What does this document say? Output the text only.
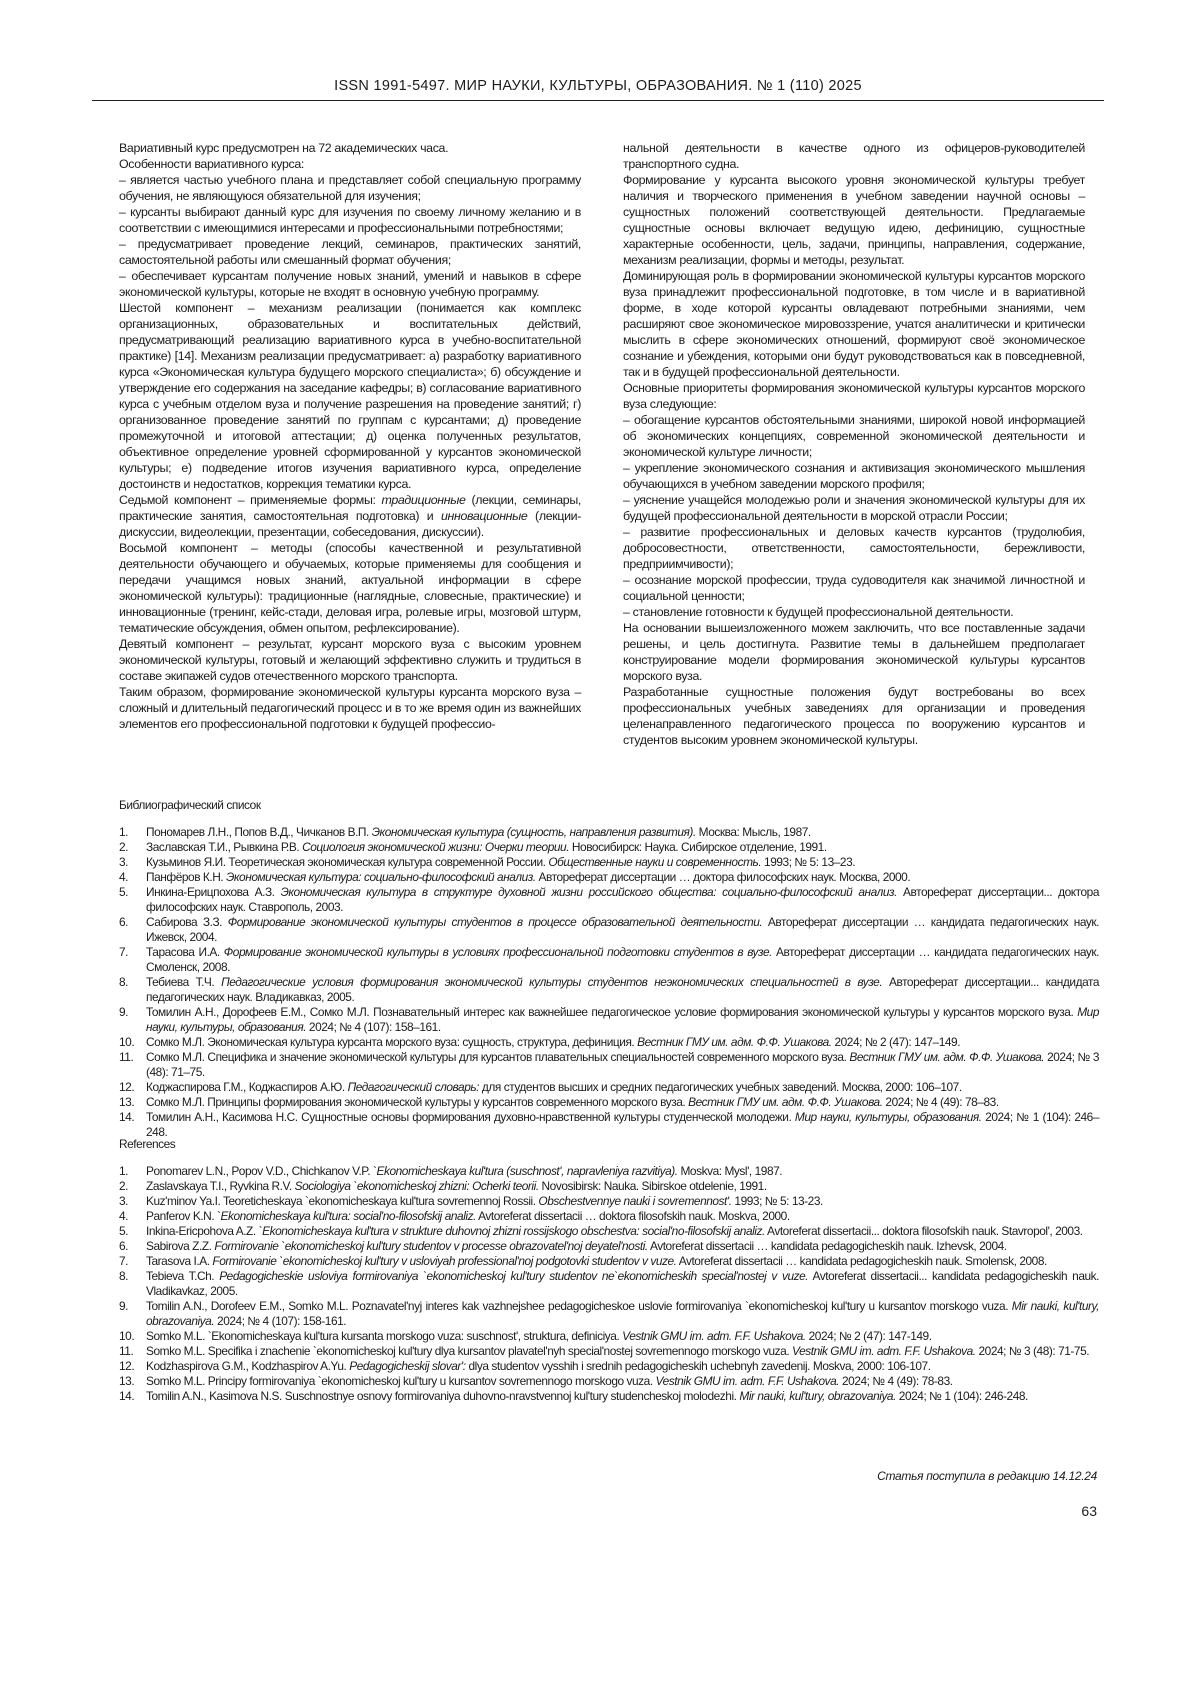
ISSN 1991-5497. МИР НАУКИ, КУЛЬТУРЫ, ОБРАЗОВАНИЯ. № 1 (110) 2025

Вариативный курс предусмотрен на 72 академических часа.

Особенности вариативного курса:

– является частью учебного плана и представляет собой специальную программу обучения, не являющуюся обязательной для изучения;

– курсанты выбирают данный курс для изучения по своему личному желанию и в соответствии с имеющимися интересами и профессиональными потребностями;

– предусматривает проведение лекций, семинаров, практических занятий, самостоятельной работы или смешанный формат обучения;

– обеспечивает курсантам получение новых знаний, умений и навыков в сфере экономической культуры, которые не входят в основную учебную программу.

Шестой компонент – механизм реализации (понимается как комплекс организационных, образовательных и воспитательных действий, предусматривающий реализацию вариативного курса в учебно-воспитательной практике) [14]. Механизм реализации предусматривает: а) разработку вариативного курса «Экономическая культура будущего морского специалиста»; б) обсуждение и утверждение его содержания на заседание кафедры; в) согласование вариативного курса с учебным отделом вуза и получение разрешения на проведение занятий; г) организованное проведение занятий по группам с курсантами; д) проведение промежуточной и итоговой аттестации; д) оценка полученных результатов, объективное определение уровней сформированной у курсантов экономической культуры; е) подведение итогов изучения вариативного курса, определение достоинств и недостатков, коррекция тематики курса.

Седьмой компонент – применяемые формы: традиционные (лекции, семинары, практические занятия, самостоятельная подготовка) и инновационные (лекции-дискуссии, видеолекции, презентации, собеседования, дискуссии).

Восьмой компонент – методы (способы качественной и результативной деятельности обучающего и обучаемых, которые применяемы для сообщения и передачи учащимся новых знаний, актуальной информации в сфере экономической культуры): традиционные (наглядные, словесные, практические) и инновационные (тренинг, кейс-стади, деловая игра, ролевые игры, мозговой штурм, тематические обсуждения, обмен опытом, рефлексирование).

Девятый компонент – результат, курсант морского вуза с высоким уровнем экономической культуры, готовый и желающий эффективно служить и трудиться в составе экипажей судов отечественного морского транспорта.

Таким образом, формирование экономической культуры курсанта морского вуза – сложный и длительный педагогический процесс и в то же время один из важнейших элементов его профессиональной подготовки к будущей профессио-

нальной деятельности в качестве одного из офицеров-руководителей транспортного судна.

Формирование у курсанта высокого уровня экономической культуры требует наличия и творческого применения в учебном заведении научной основы – сущностных положений соответствующей деятельности. Предлагаемые сущностные основы включает ведущую идею, дефиницию, сущностные характерные особенности, цель, задачи, принципы, направления, содержание, механизм реализации, формы и методы, результат.

Доминирующая роль в формировании экономической культуры курсантов морского вуза принадлежит профессиональной подготовке, в том числе и в вариативной форме, в ходе которой курсанты овладевают потребными знаниями, чем расширяют свое экономическое мировоззрение, учатся аналитически и критически мыслить в сфере экономических отношений, формируют своё экономическое сознание и убеждения, которыми они будут руководствоваться как в повседневной, так и в будущей профессиональной деятельности.

Основные приоритеты формирования экономической культуры курсантов морского вуза следующие:

– обогащение курсантов обстоятельными знаниями, широкой новой информацией об экономических концепциях, современной экономической деятельности и экономической культуре личности;

– укрепление экономического сознания и активизация экономического мышления обучающихся в учебном заведении морского профиля;

– уяснение учащейся молодежью роли и значения экономической культуры для их будущей профессиональной деятельности в морской отрасли России;

– развитие профессиональных и деловых качеств курсантов (трудолюбия, добросовестности, ответственности, самостоятельности, бережливости, предприимчивости);

– осознание морской профессии, труда судоводителя как значимой личностной и социальной ценности;

– становление готовности к будущей профессиональной деятельности.

На основании вышеизложенного можем заключить, что все поставленные задачи решены, и цель достигнута. Развитие темы в дальнейшем предполагает конструирование модели формирования экономической культуры курсантов морского вуза.

Разработанные сущностные положения будут востребованы во всех профессиональных учебных заведениях для организации и проведения целенаправленного педагогического процесса по вооружению курсантов и студентов высоким уровнем экономической культуры.

Библиографический список
1.	Пономарев Л.Н., Попов В.Д., Чичканов В.П. Экономическая культура (сущность, направления развития). Москва: Мысль, 1987.
2.	Заславская Т.И., Рывкина Р.В. Социология экономической жизни: Очерки теории. Новосибирск: Наука. Сибирское отделение, 1991.
3.	Кузьминов Я.И. Теоретическая экономическая культура современной России. Общественные науки и современность. 1993; № 5: 13–23.
4.	Панфёров К.Н. Экономическая культура: социально-философский анализ. Автореферат диссертации … доктора философских наук. Москва, 2000.
5.	Инкина-Ерицпохова А.З. Экономическая культура в структуре духовной жизни российского общества: социально-философский анализ. Автореферат диссертации... доктора философских наук. Ставрополь, 2003.
6.	Сабирова З.З. Формирование экономической культуры студентов в процессе образовательной деятельности. Автореферат диссертации … кандидата педагогических наук. Ижевск, 2004.
7.	Тарасова И.А. Формирование экономической культуры в условиях профессиональной подготовки студентов в вузе. Автореферат диссертации … кандидата педагогических наук. Смоленск, 2008.
8.	Тебиева Т.Ч. Педагогические условия формирования экономической культуры студентов неэкономических специальностей в вузе. Автореферат диссертации... кандидата педагогических наук. Владикавказ, 2005.
9.	Томилин А.Н., Дорофеев Е.М., Сомко М.Л. Познавательный интерес как важнейшее педагогическое условие формирования экономической культуры у курсантов морского вуза. Мир науки, культуры, образования. 2024; № 4 (107): 158–161.
10. Сомко М.Л. Экономическая культура курсанта морского вуза: сущность, структура, дефиниция. Вестник ГМУ им. адм. Ф.Ф. Ушакова. 2024; № 2 (47): 147–149.
11.	Сомко М.Л. Специфика и значение экономической культуры для курсантов плавательных специальностей современного морского вуза. Вестник ГМУ им. адм. Ф.Ф. Ушакова. 2024; № 3 (48): 71–75.
12. Коджаспирова Г.М., Коджаспиров А.Ю. Педагогический словарь: для студентов высших и средних педагогических учебных заведений. Москва, 2000: 106–107.
13. Сомко М.Л. Принципы формирования экономической культуры у курсантов современного морского вуза. Вестник ГМУ им. адм. Ф.Ф. Ушакова. 2024; № 4 (49): 78–83.
14. Томилин А.Н., Касимова Н.С. Сущностные основы формирования духовно-нравственной культуры студенческой молодежи. Мир науки, культуры, образования. 2024; № 1 (104): 246–248.
References
1.	Ponomarev L.N., Popov V.D., Chichkanov V.P. `Ekonomicheskaya kul'tura (suschnost', napravleniya razvitiya). Moskva: Mysl', 1987.
2.	Zaslavskaya T.I., Ryvkina R.V. Sociologiya `ekonomicheskoj zhizni: Ocherki teorii. Novosibirsk: Nauka. Sibirskoe otdelenie, 1991.
3.	Kuz'minov Ya.I. Teoreticheskaya `ekonomicheskaya kul'tura sovremennoj Rossii. Obschestvennye nauki i sovremennost'. 1993; № 5: 13-23.
4.	Panferov K.N. `Ekonomicheskaya kul'tura: social'no-filosofskij analiz. Avtoreferat dissertacii … doktora filosofskih nauk. Moskva, 2000.
5.	Inkina-Ericpohova A.Z. `Ekonomicheskaya kul'tura v strukture duhovnoj zhizni rossijskogo obschestva: social'no-filosofskij analiz. Avtoreferat dissertacii... doktora filosofskih nauk. Stavropol', 2003.
6.	Sabirova Z.Z. Formirovanie `ekonomicheskoj kul'tury studentov v processe obrazovatel'noj deyatel'nosti. Avtoreferat dissertacii … kandidata pedagogicheskih nauk. Izhevsk, 2004.
7.	Tarasova I.A. Formirovanie `ekonomicheskoj kul'tury v usloviyah professional'noj podgotovki studentov v vuze. Avtoreferat dissertacii … kandidata pedagogicheskih nauk. Smolensk, 2008.
8.	Tebieva T.Ch. Pedagogicheskie usloviya formirovaniya `ekonomicheskoj kul'tury studentov ne`ekonomicheskih special'nostej v vuze. Avtoreferat dissertacii... kandidata pedagogicheskih nauk. Vladikavkaz, 2005.
9.	Tomilin A.N., Dorofeev E.M., Somko M.L. Poznavatel'nyj interes kak vazhnejshee pedagogicheskoe uslovie formirovaniya `ekonomicheskoj kul'tury u kursantov morskogo vuza. Mir nauki, kul'tury, obrazovaniya. 2024; № 4 (107): 158-161.
10. Somko M.L. `Ekonomicheskaya kul'tura kursanta morskogo vuza: suschnost', struktura, definiciya. Vestnik GMU im. adm. F.F. Ushakova. 2024; № 2 (47): 147-149.
11.	Somko M.L. Specifika i znachenie `ekonomicheskoj kul'tury dlya kursantov plavatel'nyh special'nostej sovremennogo morskogo vuza. Vestnik GMU im. adm. F.F. Ushakova. 2024; № 3 (48): 71-75.
12. Kodzhaspirova G.M., Kodzhaspirov A.Yu. Pedagogicheskij slovar': dlya studentov vysshih i srednih pedagogicheskih uchebnyh zavedenij. Moskva, 2000: 106-107.
13. Somko M.L. Principy formirovaniya `ekonomicheskoj kul'tury u kursantov sovremennogo morskogo vuza. Vestnik GMU im. adm. F.F. Ushakova. 2024; № 4 (49): 78-83.
14. Tomilin A.N., Kasimova N.S. Suschnostnye osnovy formirovaniya duhovno-nravstvennoj kul'tury studencheskoj molodezhi. Mir nauki, kul'tury, obrazovaniya. 2024; № 1 (104): 246-248.
Статья поступила в редакцию 14.12.24
63
